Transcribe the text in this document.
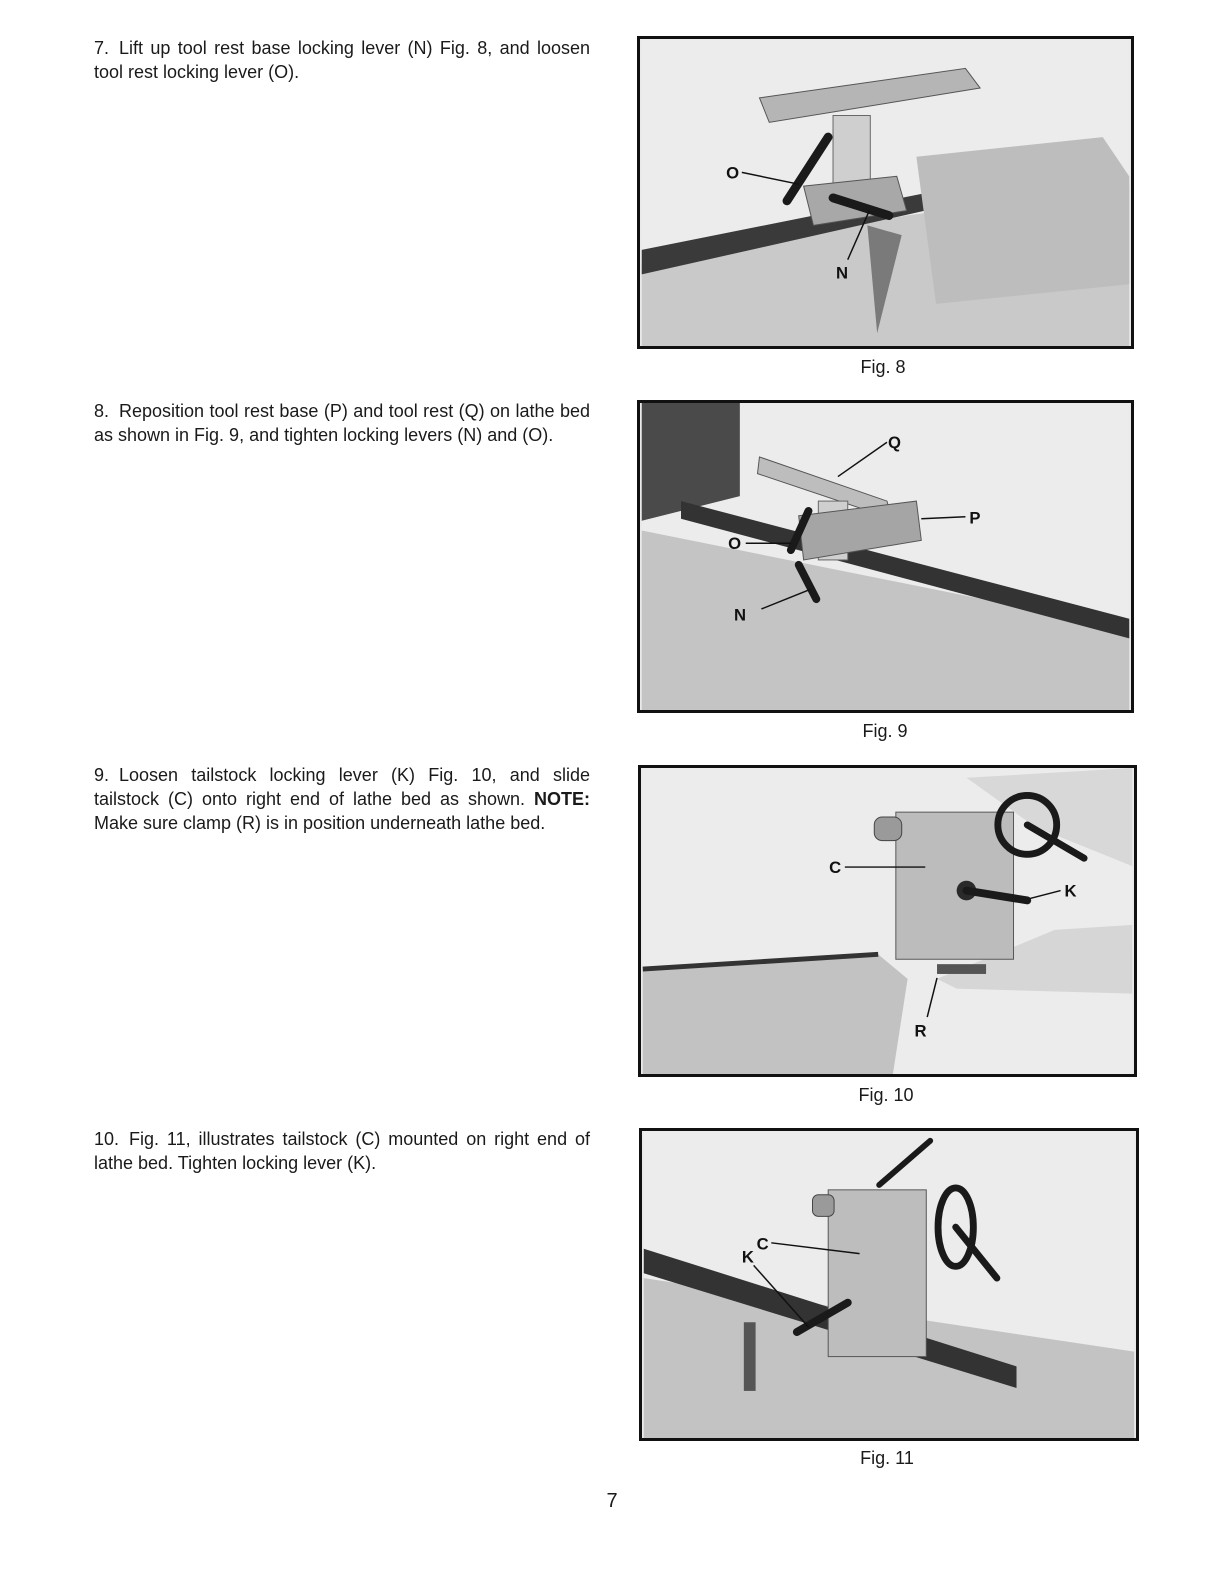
7. Lift up tool rest base locking lever (N) Fig. 8, and loosen tool rest locking lever (O).
8. Reposition tool rest base (P) and tool rest (Q) on lathe bed as shown in Fig. 9, and tighten locking levers (N) and (O).
9. Loosen tailstock locking lever (K) Fig. 10, and slide tailstock (C) onto right end of lathe bed as shown. NOTE: Make sure clamp (R) is in position underneath lathe bed.
10. Fig. 11, illustrates tailstock (C) mounted on right end of lathe bed. Tighten locking lever (K).
O
N
Fig. 8
Q
P
O
N
Fig. 9
C
K
R
Fig. 10
C
K
Fig. 11
7
